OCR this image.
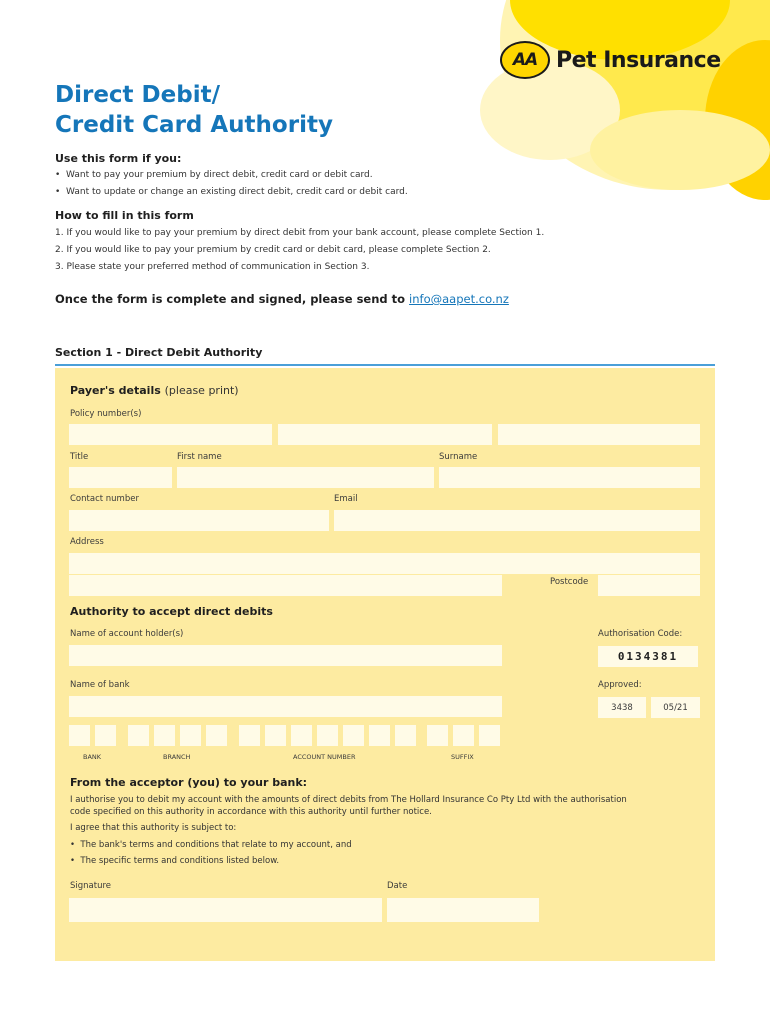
AA Pet Insurance
Direct Debit/
Credit Card Authority
Use this form if you:
•  Want to pay your premium by direct debit, credit card or debit card.
•  Want to update or change an existing direct debit, credit card or debit card.
How to fill in this form
1. If you would like to pay your premium by direct debit from your bank account, please complete Section 1.
2. If you would like to pay your premium by credit card or debit card, please complete Section 2.
3. Please state your preferred method of communication in Section 3.
Once the form is complete and signed, please send to info@aapet.co.nz
Section 1 - Direct Debit Authority
Payer's details (please print)
Policy number(s)
Title	First name	Surname
Contact number	Email
Address
Postcode
Authority to accept direct debits
Name of account holder(s)	Authorisation Code:
0134381
Name of bank	Approved:
3438	05/21
BANK	BRANCH	ACCOUNT NUMBER	SUFFIX
From the acceptor (you) to your bank:
I authorise you to debit my account with the amounts of direct debits from The Hollard Insurance Co Pty Ltd with the authorisation
code specified on this authority in accordance with this authority until further notice.
I agree that this authority is subject to:
•  The bank's terms and conditions that relate to my account, and
•  The specific terms and conditions listed below.
Signature	Date
